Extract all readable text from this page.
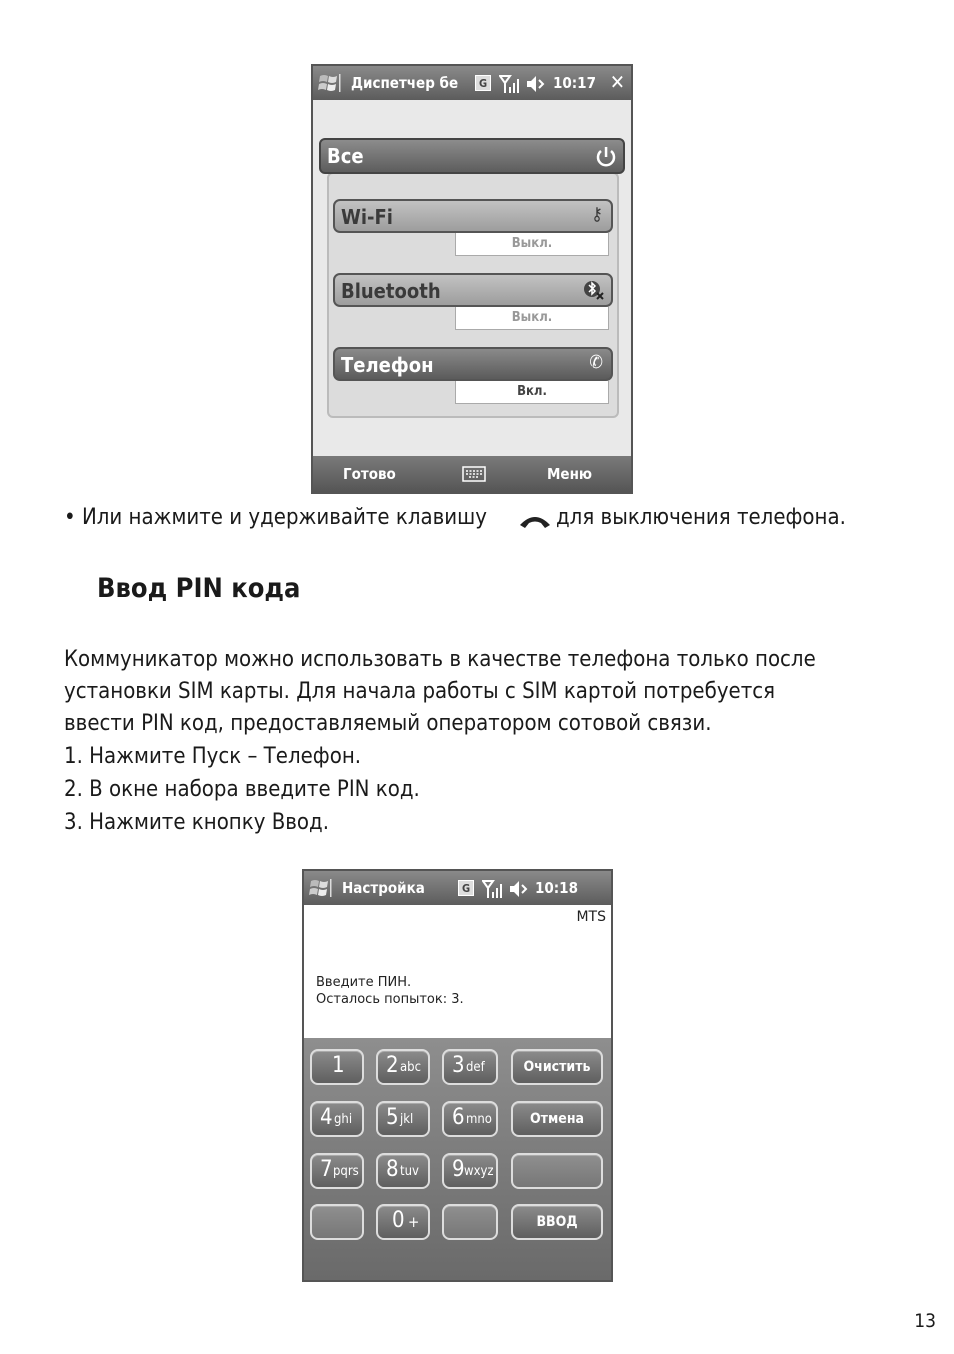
Диспетчер бе	G	10:17 ✕
Все
Wi-Fi	⚷
Выкл.
Bluetooth
Выкл.
Телефон	✆
Вкл.
Готово	Меню
• Или нажмите и удерживайте клавишу	для выключения телефона.
Ввод PIN кода
Коммуникатор можно использовать в качестве телефона только после
установки SIM карты. Для начала работы с SIM картой потребуется
ввести PIN код, предоставляемый оператором сотовой связи.
1. Нажмите Пуск – Телефон.
2. В окне набора введите PIN код.
3. Нажмите кнопку Ввод.
Настройка	G	10:18
MTS
Введите ПИН.
Осталось попыток: 3.
1 2 abc 3 def	Очистить
4 ghi 5 jkl 6 mno	Отмена
7 pqrs 8 tuv 9 wxyz
0 +	ВВОД
13
